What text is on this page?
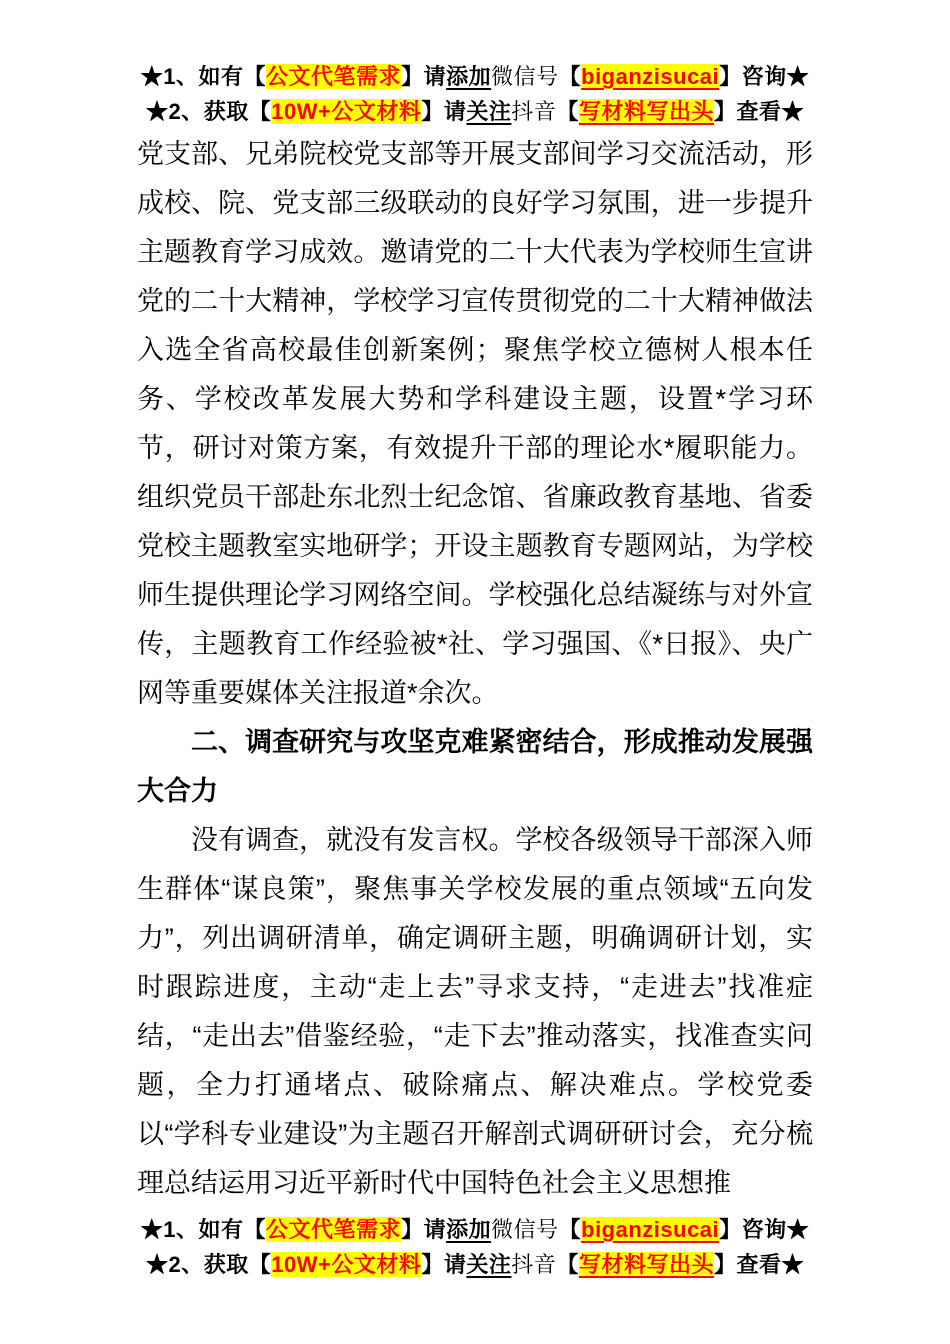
★1、如有【公文代笔需求】请添加微信号【biganzisucai】咨询★
★2、获取【10W+公文材料】请关注抖音【写材料写出头】查看★

党支部、兄弟院校党支部等开展支部间学习交流活动，形成校、院、党支部三级联动的良好学习氛围，进一步提升主题教育学习成效。邀请党的二十大代表为学校师生宣讲党的二十大精神，学校学习宣传贯彻党的二十大精神做法入选全省高校最佳创新案例；聚焦学校立德树人根本任务、学校改革发展大势和学科建设主题，设置*学习环节，研讨对策方案，有效提升干部的理论水*履职能力。组织党员干部赴东北烈士纪念馆、省廉政教育基地、省委党校主题教室实地研学；开设主题教育专题网站，为学校师生提供理论学习网络空间。学校强化总结凝练与对外宣传，主题教育工作经验被*社、学习强国、《*日报》、央广网等重要媒体关注报道*余次。

二、调查研究与攻坚克难紧密结合，形成推动发展强大合力

没有调查，就没有发言权。学校各级领导干部深入师生群体“谋良策”，聚焦事关学校发展的重点领域“五向发力”，列出调研清单，确定调研主题，明确调研计划，实时跟踪进度，主动“走上去”寻求支持，“走进去”找准症结，“走出去”借鉴经验，“走下去”推动落实，找准查实问题，全力打通堵点、破除痛点、解决难点。学校党委以“学科专业建设”为主题召开解剖式调研研讨会，充分梳理总结运用习近平新时代中国特色社会主义思想推

★1、如有【公文代笔需求】请添加微信号【biganzisucai】咨询★
★2、获取【10W+公文材料】请关注抖音【写材料写出头】查看★
